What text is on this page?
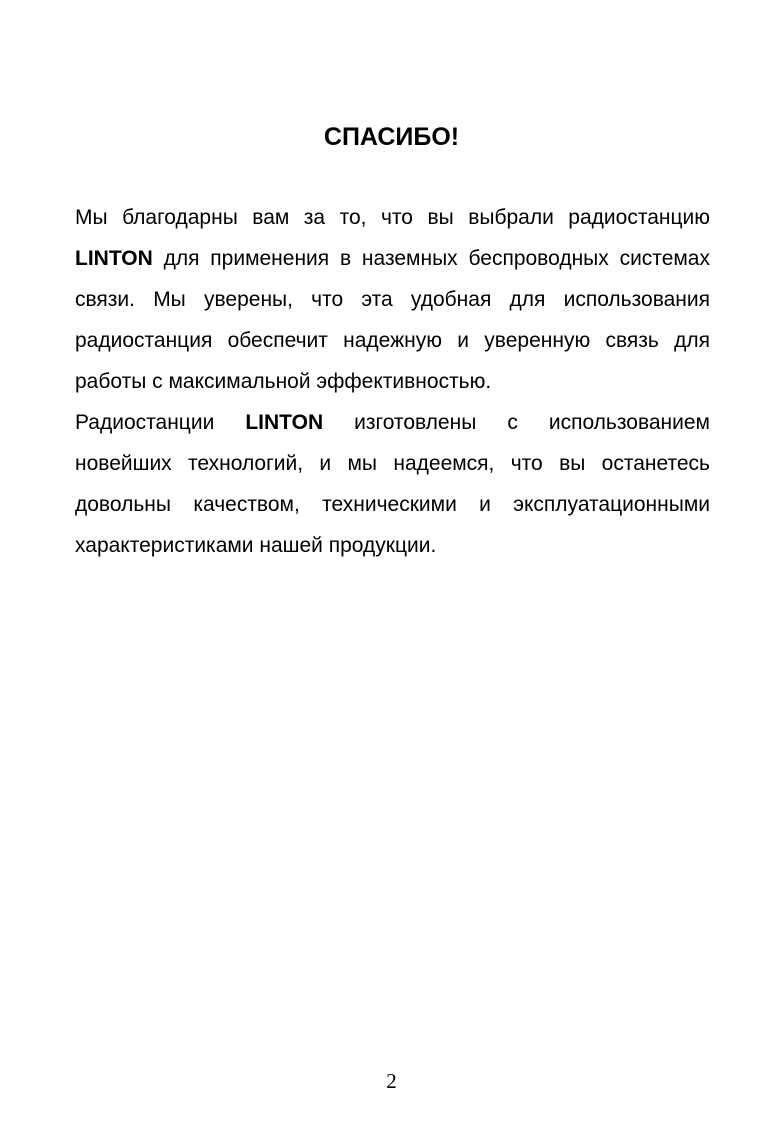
СПАСИБО!

Мы благодарны вам за то, что вы выбрали радиостанцию LINTON для применения в наземных беспроводных системах связи. Мы уверены, что эта удобная для использования радиостанция обеспечит надежную и уверенную связь для работы с максимальной эффективностью.

Радиостанции LINTON изготовлены с использованием новейших технологий, и мы надеемся, что вы останетесь довольны качеством, техническими и эксплуатационными характеристиками нашей продукции.

2
